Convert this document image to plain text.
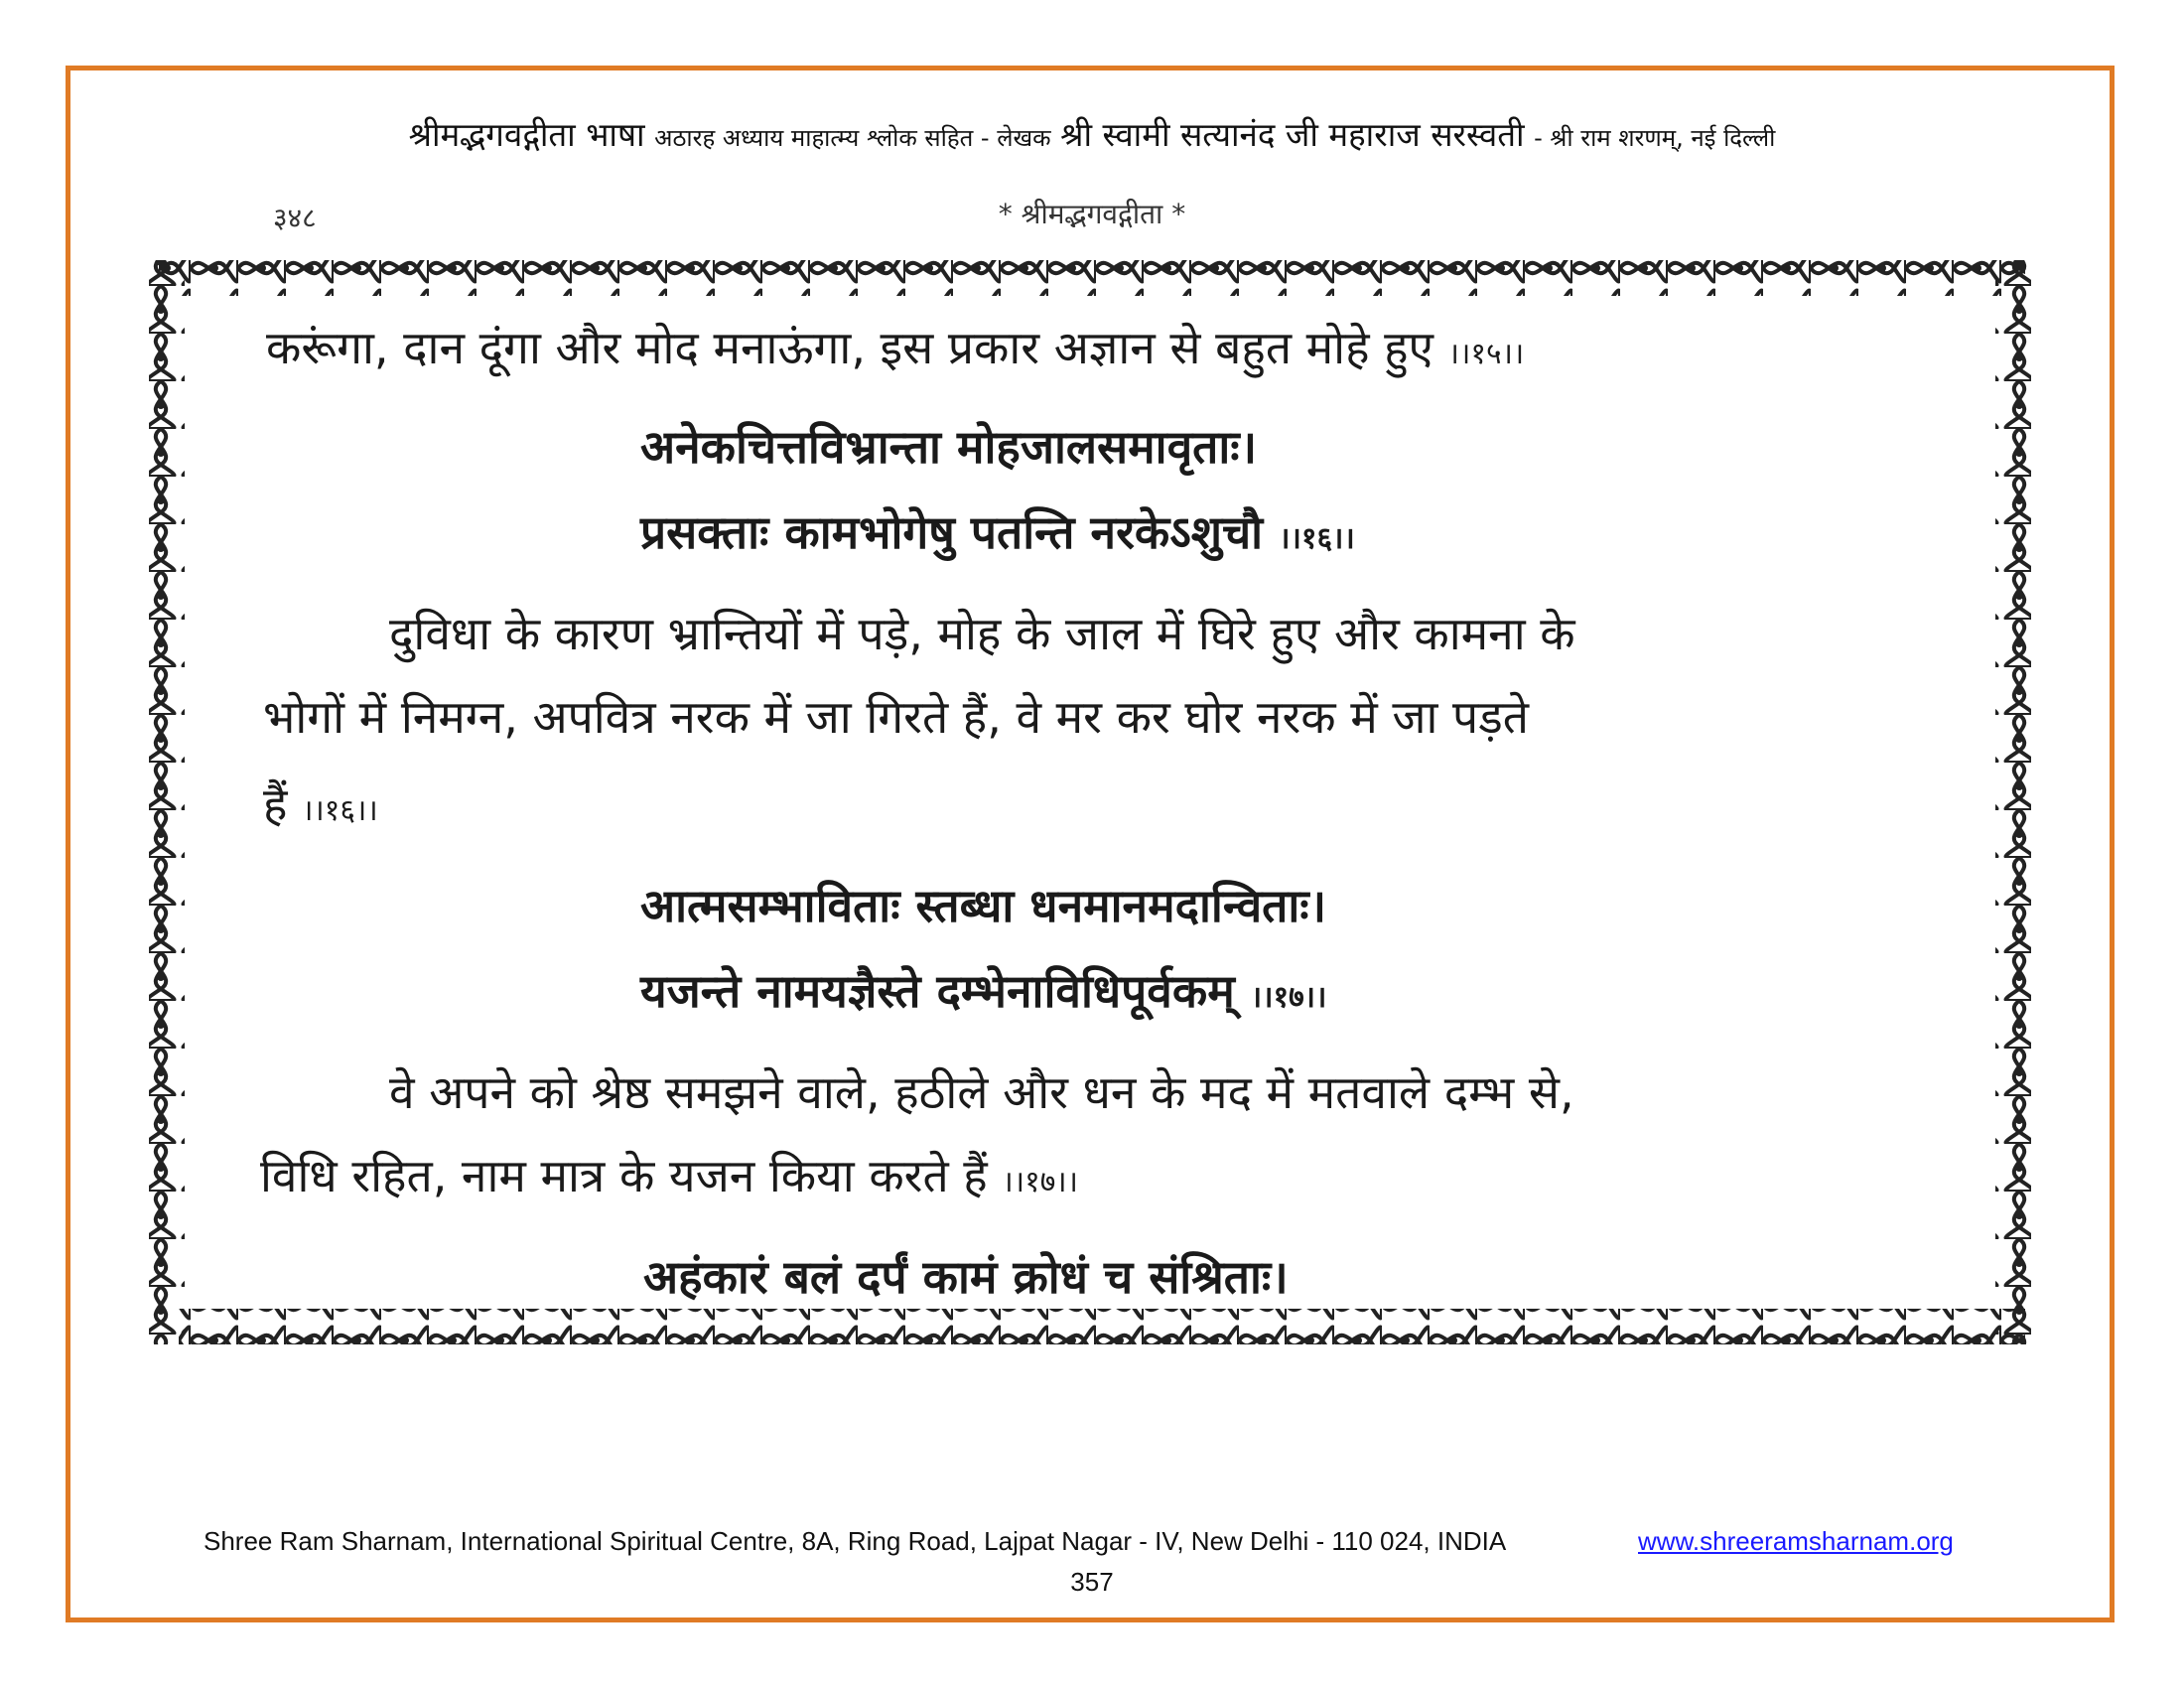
श्रीमद्भगवद्गीता भाषा अठारह अध्याय माहात्म्य श्लोक सहित - लेखक श्री स्वामी सत्यानंद जी महाराज सरस्वती - श्री राम शरणम्, नई दिल्ली
३४८	* श्रीमद्भगवद्गीता *
करूंगा, दान दूंगा और मोद मनाऊंगा, इस प्रकार अज्ञान से बहुत मोहे हुए ।।१५।।
अनेकचित्तविभ्रान्ता मोहजालसमावृताः।
प्रसक्ताः कामभोगेषु पतन्ति नरकेऽशुचौ ।।१६।।
दुविधा के कारण भ्रान्तियों में पड़े, मोह के जाल में घिरे हुए और कामना के
भोगों में निमग्न, अपवित्र नरक में जा गिरते हैं, वे मर कर घोर नरक में जा पड़ते
हैं ।।१६।।
आत्मसम्भाविताः स्तब्धा धनमानमदान्विताः।
यजन्ते नामयज्ञैस्ते दम्भेनाविधिपूर्वकम् ।।१७।।
वे अपने को श्रेष्ठ समझने वाले, हठीले और धन के मद में मतवाले दम्भ से,
विधि रहित, नाम मात्र के यजन किया करते हैं ।।१७।।
अहंकारं बलं दर्पं कामं क्रोधं च संश्रिताः।
Shree Ram Sharnam, International Spiritual Centre, 8A, Ring Road, Lajpat Nagar - IV, New Delhi - 110 024, INDIA	www.shreeramsharnam.org
357
